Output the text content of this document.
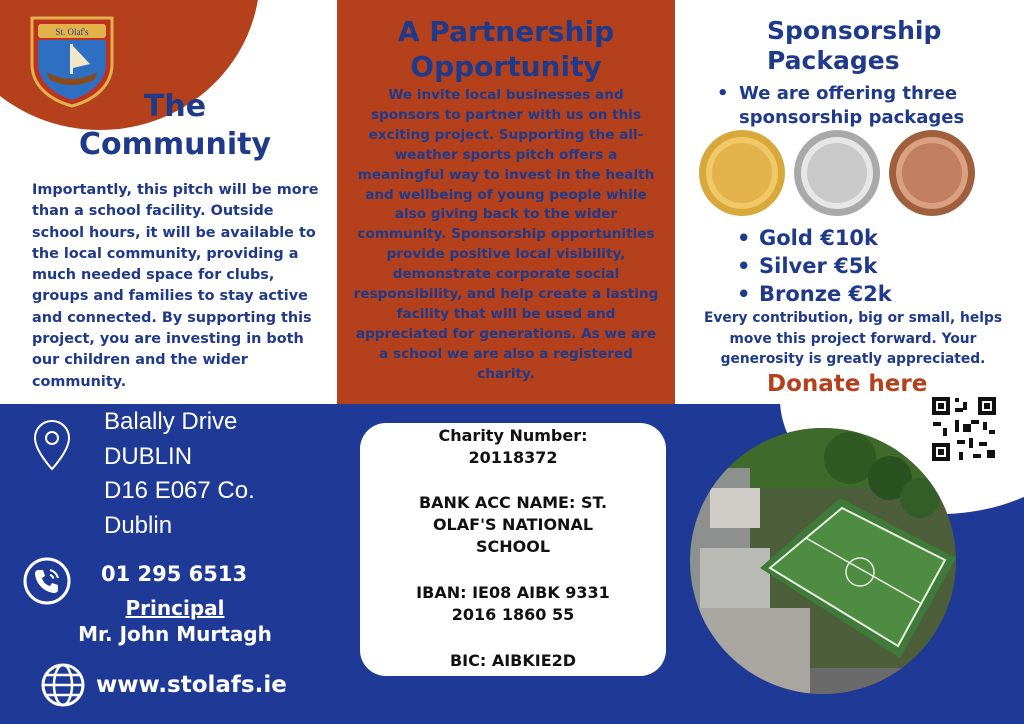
St. Olaf's
The Community
Importantly, this pitch will be more than a school facility. Outside school hours, it will be available to the local community, providing a much needed space for clubs, groups and families to stay active and connected. By supporting this project, you are investing in both our children and the wider community.
A Partnership Opportunity
We invite local businesses and sponsors to partner with us on this exciting project. Supporting the all-weather sports pitch offers a meaningful way to invest in the health and wellbeing of young people while also giving back to the wider community. Sponsorship opportunities provide positive local visibility, demonstrate corporate social responsibility, and help create a lasting facility that will be used and appreciated for generations. As we are a school we are also a registered charity.
Sponsorship Packages
• We are offering three sponsorship packages
• Gold €10k
• Silver €5k
• Bronze €2k
Every contribution, big or small, helps move this project forward. Your generosity is greatly appreciated.
Donate here
Balally Drive
DUBLIN
D16 E067 Co.
Dublin
01 295 6513
Principal
Mr. John Murtagh
www.stolafs.ie
Charity Number:
20118372
BANK ACC NAME: ST.
OLAF'S NATIONAL
SCHOOL
IBAN: IE08 AIBK 9331
2016 1860 55
BIC: AIBKIE2D
